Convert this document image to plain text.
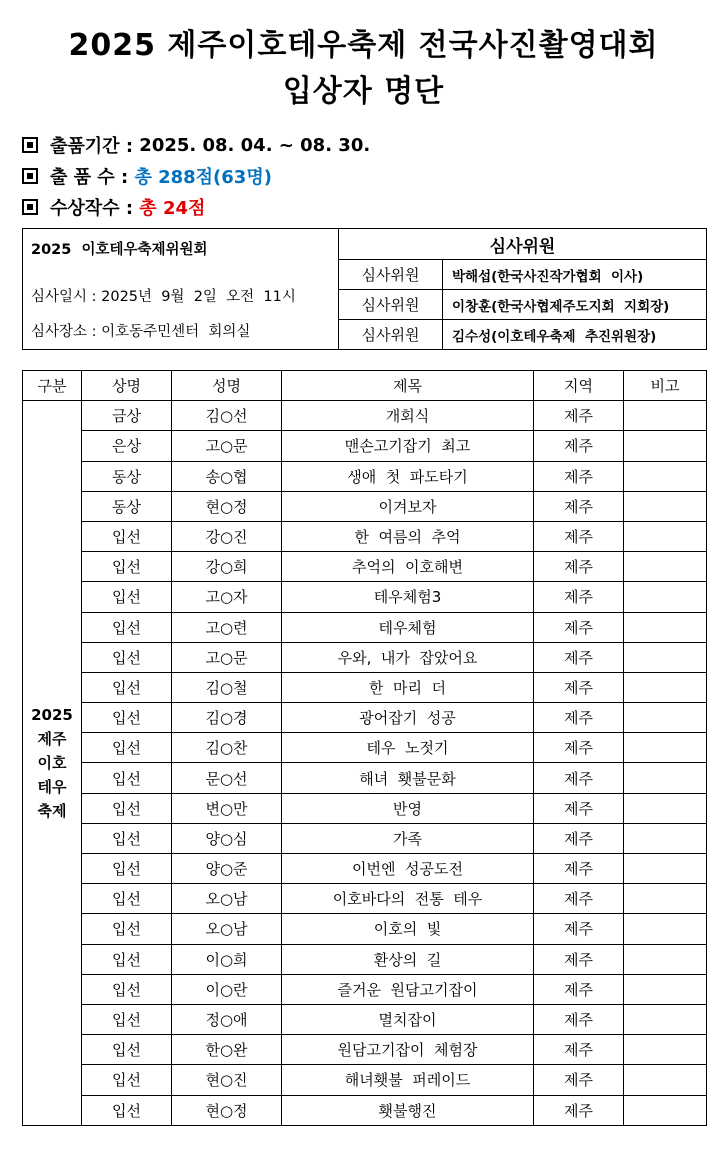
2025 제주이호테우축제 전국사진촬영대회
입상자 명단
출품기간 : 2025. 08. 04. ~ 08. 30.
출 품 수 : 총 288점(63명)
수상작수 : 총 24점
2025  이호테우축제위원회
심사일시 : 2025년  9월  2일  오전  11시
심사장소 : 이호동주민센터  회의실	심사위원	
	심사위원	박해섭(한국사진작가협회  이사)
	심사위원	이창훈(한국사협제주도지회  지회장)
	심사위원	김수성(이호테우축제  추진위원장)
구분	상명	성명	제목	지역	비고

2025
제주
이호
테우
축제	금상	김○선	개회식	제주	
	은상	고○문	맨손고기잡기  최고	제주	
	동상	송○협	생애  첫  파도타기	제주	
	동상	현○정	이겨보자	제주	
	입선	강○진	한  여름의  추억	제주	
	입선	강○희	추억의  이호해변	제주	
	입선	고○자	테우체험3	제주	
	입선	고○련	테우체험	제주	
	입선	고○문	우와,  내가  잡았어요	제주	
	입선	김○철	한  마리  더	제주	
	입선	김○경	광어잡기  성공	제주	
	입선	김○찬	테우  노젓기	제주	
	입선	문○선	해녀  횃불문화	제주	
	입선	변○만	반영	제주	
	입선	양○심	가족	제주	
	입선	양○준	이번엔  성공도전	제주	
	입선	오○남	이호바다의  전통  테우	제주	
	입선	오○남	이호의  빛	제주	
	입선	이○희	환상의  길	제주	
	입선	이○란	즐거운  원담고기잡이	제주	
	입선	정○애	멸치잡이	제주	
	입선	한○완	원담고기잡이  체험장	제주	
	입선	현○진	해녀횃불  퍼레이드	제주	
	입선	현○정	횃불행진	제주	
